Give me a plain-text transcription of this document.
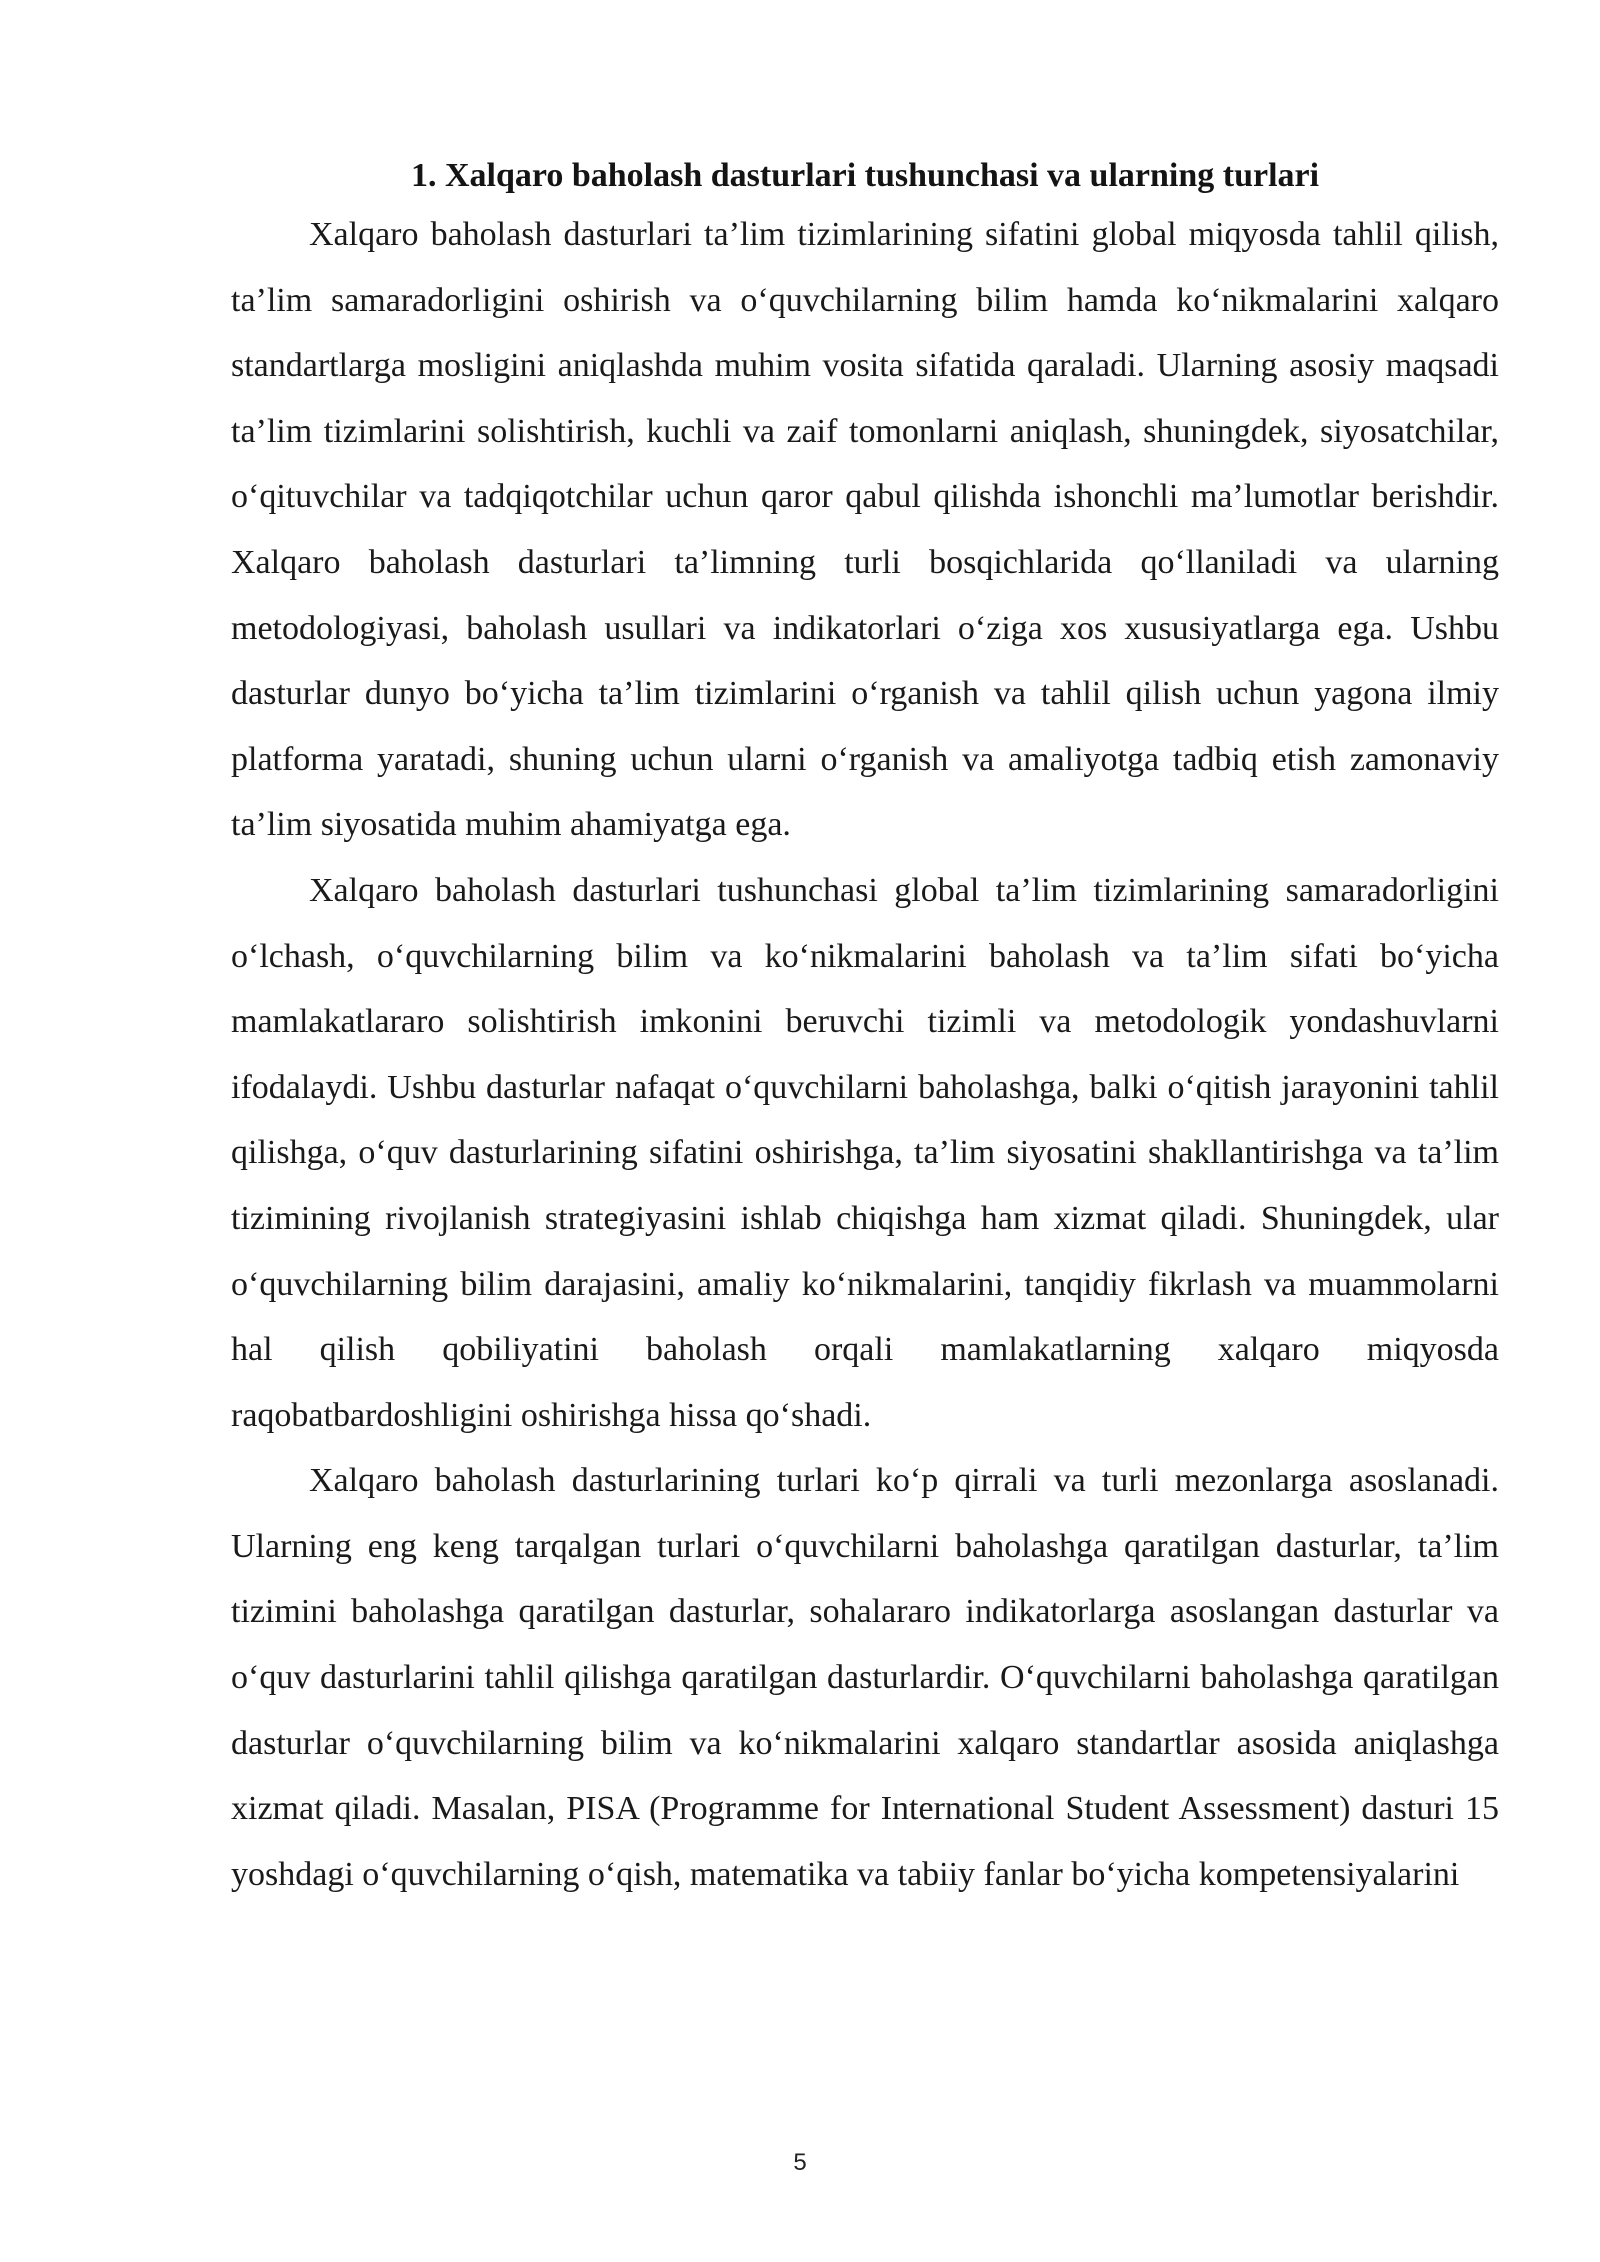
1. Xalqaro baholash dasturlari tushunchasi va ularning turlari

Xalqaro baholash dasturlari ta’lim tizimlarining sifatini global miqyosda tahlil qilish, ta’lim samaradorligini oshirish va o‘quvchilarning bilim hamda ko‘nikmalarini xalqaro standartlarga mosligini aniqlashda muhim vosita sifatida qaraladi. Ularning asosiy maqsadi ta’lim tizimlarini solishtirish, kuchli va zaif tomonlarni aniqlash, shuningdek, siyosatchilar, o‘qituvchilar va tadqiqotchilar uchun qaror qabul qilishda ishonchli ma’lumotlar berishdir. Xalqaro baholash dasturlari ta’limning turli bosqichlarida qo‘llaniladi va ularning metodologiyasi, baholash usullari va indikatorlari o‘ziga xos xususiyatlarga ega. Ushbu dasturlar dunyo bo‘yicha ta’lim tizimlarini o‘rganish va tahlil qilish uchun yagona ilmiy platforma yaratadi, shuning uchun ularni o‘rganish va amaliyotga tadbiq etish zamonaviy ta’lim siyosatida muhim ahamiyatga ega.

Xalqaro baholash dasturlari tushunchasi global ta’lim tizimlarining samaradorligini o‘lchash, o‘quvchilarning bilim va ko‘nikmalarini baholash va ta’lim sifati bo‘yicha mamlakatlararo solishtirish imkonini beruvchi tizimli va metodologik yondashuvlarni ifodalaydi. Ushbu dasturlar nafaqat o‘quvchilarni baholashga, balki o‘qitish jarayonini tahlil qilishga, o‘quv dasturlarining sifatini oshirishga, ta’lim siyosatini shakllantirishga va ta’lim tizimining rivojlanish strategiyasini ishlab chiqishga ham xizmat qiladi. Shuningdek, ular o‘quvchilarning bilim darajasini, amaliy ko‘nikmalarini, tanqidiy fikrlash va muammolarni hal qilish qobiliyatini baholash orqali mamlakatlarning xalqaro miqyosda raqobatbardoshligini oshirishga hissa qo‘shadi.

Xalqaro baholash dasturlarining turlari ko‘p qirrali va turli mezonlarga asoslanadi. Ularning eng keng tarqalgan turlari o‘quvchilarni baholashga qaratilgan dasturlar, ta’lim tizimini baholashga qaratilgan dasturlar, sohalararo indikatorlarga asoslangan dasturlar va o‘quv dasturlarini tahlil qilishga qaratilgan dasturlardir. O‘quvchilarni baholashga qaratilgan dasturlar o‘quvchilarning bilim va ko‘nikmalarini xalqaro standartlar asosida aniqlashga xizmat qiladi. Masalan, PISA (Programme for International Student Assessment) dasturi 15 yoshdagi o‘quvchilarning o‘qish, matematika va tabiiy fanlar bo‘yicha kompetensiyalarini

5
